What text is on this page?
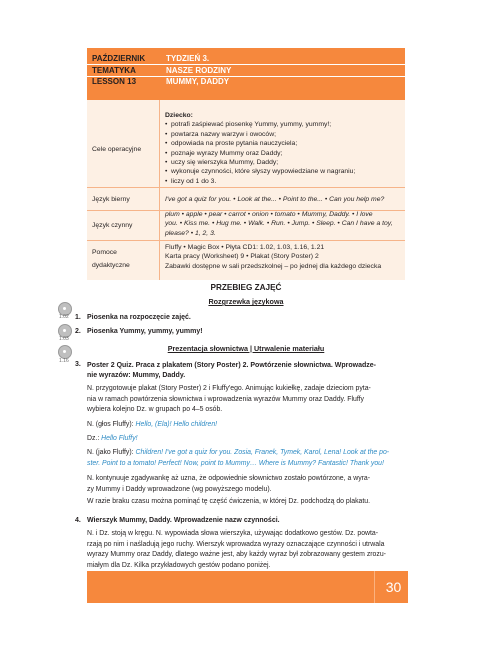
PAŹDZIERNIK
TEMATYKA
LESSON 13
TYDZIEŃ 3.
NASZE RODZINY
MUMMY, DADDY
Cele operacyjne
Dziecko:
• potrafi zaśpiewać piosenkę Yummy, yummy, yummy!;
• powtarza nazwy warzyw i owoców;
• odpowiada na proste pytania nauczyciela;
• poznaje wyrazy Mummy oraz Daddy;
• uczy się wierszyka Mummy, Daddy;
• wykonuje czynności, które słyszy wypowiedziane w nagraniu;
• liczy od 1 do 3.
Język bierny	I've got a quiz for you. • Look at the... • Point to the... • Can you help me?
Język czynny
plum • apple • pear • carrot • onion • tomato • Mummy, Daddy. • I love
you. • Kiss me. • Hug me. • Walk. • Run. • Jump. • Sleep. • Can I have a toy,
please? • 1, 2, 3.
Pomoce
dydaktyczne
Fluffy • Magic Box • Płyta CD1: 1.02, 1.03, 1.16, 1.21
Karta pracy (Worksheet) 9 • Plakat (Story Poster) 2
Zabawki dostępne w sali przedszkolnej – po jednej dla każdego dziecka
PRZEBIEG ZAJĘĆ
Rozgrzewka językowa
1.02
1.03
1.16
1. Piosenka na rozpoczęcie zajęć.
2. Piosenka Yummy, yummy, yummy!
Prezentacja słownictwa | Utrwalenie materiału
3. Poster 2 Quiz. Praca z plakatem (Story Poster) 2. Powtórzenie słownictwa. Wprowadze-
nie wyrazów: Mummy, Daddy.
N. przygotowuje plakat (Story Poster) 2 i Fluffy'ego. Animując kukiełkę, zadaje dzieciom pyta-
nia w ramach powtórzenia słownictwa i wprowadzenia wyrazów Mummy oraz Daddy. Fluffy
wybiera kolejno Dz. w grupach po 4–5 osób.
N. (głos Fluffy): Hello, (Ela)! Hello children!
Dz.: Hello Fluffy!
N. (jako Fluffy): Children! I've got a quiz for you. Zosia, Franek, Tymek, Karol, Lena! Look at the po-
ster. Point to a tomato! Perfect! Now, point to Mummy… Where is Mummy? Fantastic! Thank you!
N. kontynuuje zgadywankę aż uzna, że odpowiednie słownictwo zostało powtórzone, a wyra-
zy Mummy i Daddy wprowadzone (wg powyższego modelu).
W razie braku czasu można pominąć tę część ćwiczenia, w której Dz. podchodzą do plakatu.
4. Wierszyk Mummy, Daddy. Wprowadzenie nazw czynności.
N. i Dz. stoją w kręgu. N. wypowiada słowa wierszyka, używając dodatkowo gestów. Dz. powta-
rzają po nim i naśladują jego ruchy. Wierszyk wprowadza wyrazy oznaczające czynności i utrwala
wyrazy Mummy oraz Daddy, dlatego ważne jest, aby każdy wyraz był zobrazowany gestem zrozu-
miałym dla Dz. Kilka przykładowych gestów podano poniżej.
30
